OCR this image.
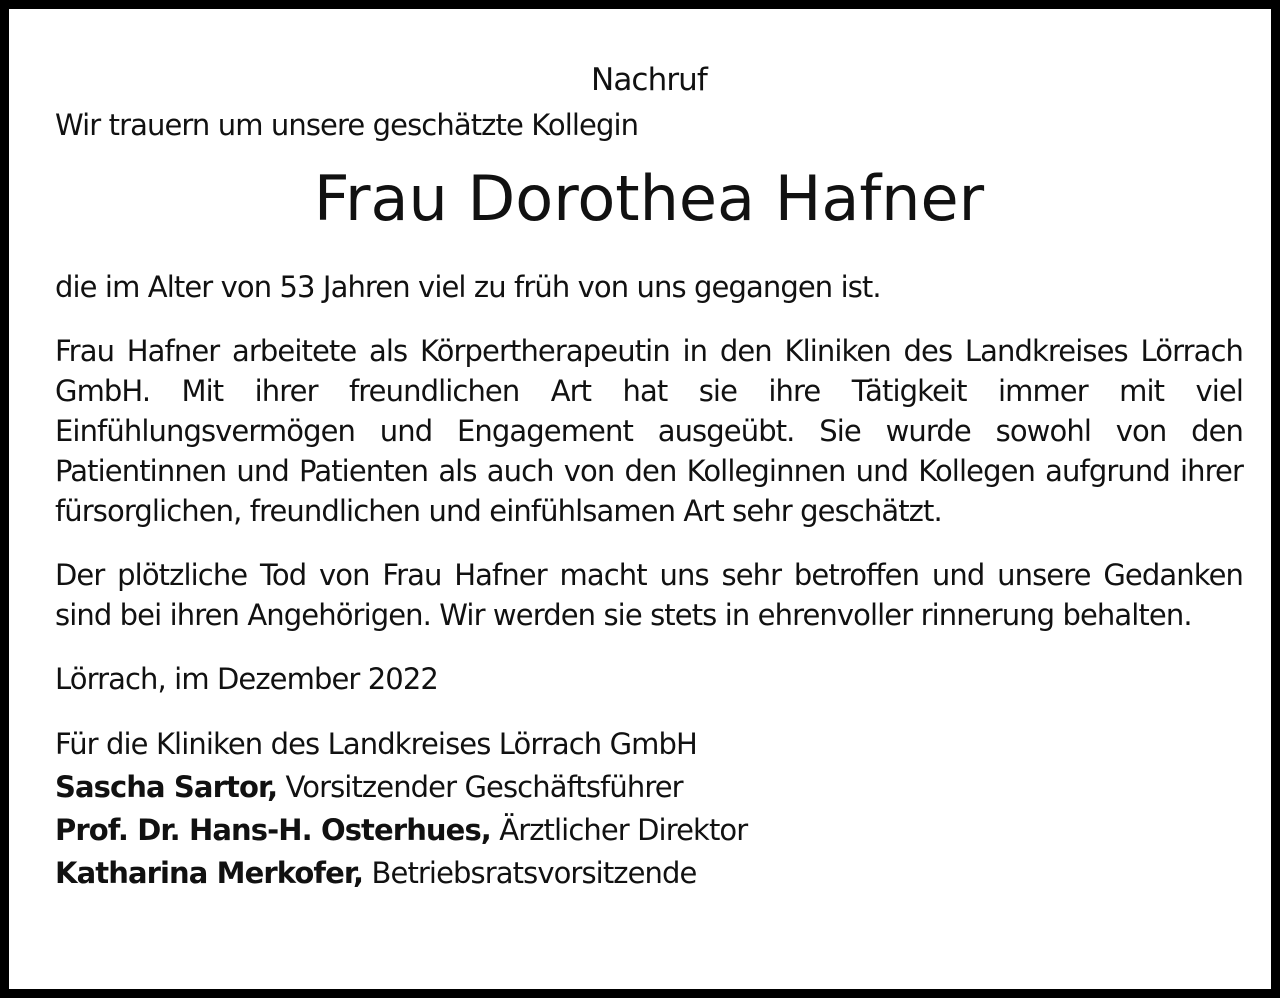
Nachruf

Wir trauern um unsere geschätzte Kollegin

Frau Dorothea Hafner

die im Alter von 53 Jahren viel zu früh von uns gegangen ist.

Frau Hafner arbeitete als Körpertherapeutin in den Kliniken des Landkreises Lörrach GmbH. Mit ihrer freundlichen Art hat sie ihre Tätigkeit immer mit viel Einfühlungsvermögen und Engagement ausgeübt. Sie wurde sowohl von den Patientinnen und Patienten als auch von den Kolleginnen und Kollegen aufgrund ihrer fürsorglichen, freundlichen und einfühlsamen Art sehr geschätzt.

Der plötzliche Tod von Frau Hafner macht uns sehr betroffen und unsere Gedanken sind bei ihren Angehörigen. Wir werden sie stets in ehrenvoller rinnerung behalten.

Lörrach, im Dezember 2022

Für die Kliniken des Landkreises Lörrach GmbH
Sascha Sartor, Vorsitzender Geschäftsführer
Prof. Dr. Hans-H. Osterhues, Ärztlicher Direktor
Katharina Merkofer, Betriebsratsvorsitzende
